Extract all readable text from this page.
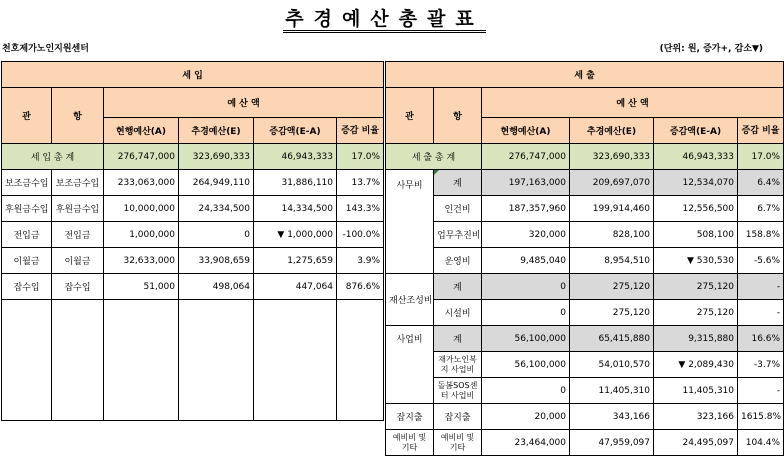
추경예산총괄표
천호제가노인지원센터	(단위: 원, 증가+, 감소▼)
세 입					
관	항	예 산 액			
		현행예산(A)	추경예산(E)	증감액(E-A)	증감 비율
세 입 총 계		276,747,000	323,690,333	46,943,333	17.0%
보조금수입	보조금수입	233,063,000	264,949,110	31,886,110	13.7%
후원금수입	후원금수입	10,000,000	24,334,500	14,334,500	143.3%
전입금	전입금	1,000,000	0	▼ 1,000,000	-100.0%
이월금	이월금	32,633,000	33,908,659	1,275,659	3.9%
잡수입	잡수입	51,000	498,064	447,064	876.6%

세 출					
관	항	예 산 액			
		현행예산(A)	추경예산(E)	증감액(E-A)	증감 비율
세 출 총 계		276,747,000	323,690,333	46,943,333	17.0%
사무비	계	197,163,000	209,697,070	12,534,070	6.4%
	인건비	187,357,960	199,914,460	12,556,500	6.7%
	업무추진비	320,000	828,100	508,100	158.8%
	운영비	9,485,040	8,954,510	▼ 530,530	-5.6%
재산조성비	계	0	275,120	275,120	-
	시설비	0	275,120	275,120	-
사업비	계	56,100,000	65,415,880	9,315,880	16.6%
	재가노인복지 사업비	56,100,000	54,010,570	▼ 2,089,430	-3.7%
	돌봄SOS센터 사업비	0	11,405,310	11,405,310	-
잡지출	잡지출	20,000	343,166	323,166	1615.8%
예비비 및 기타	예비비 및 기타	23,464,000	47,959,097	24,495,097	104.4%
